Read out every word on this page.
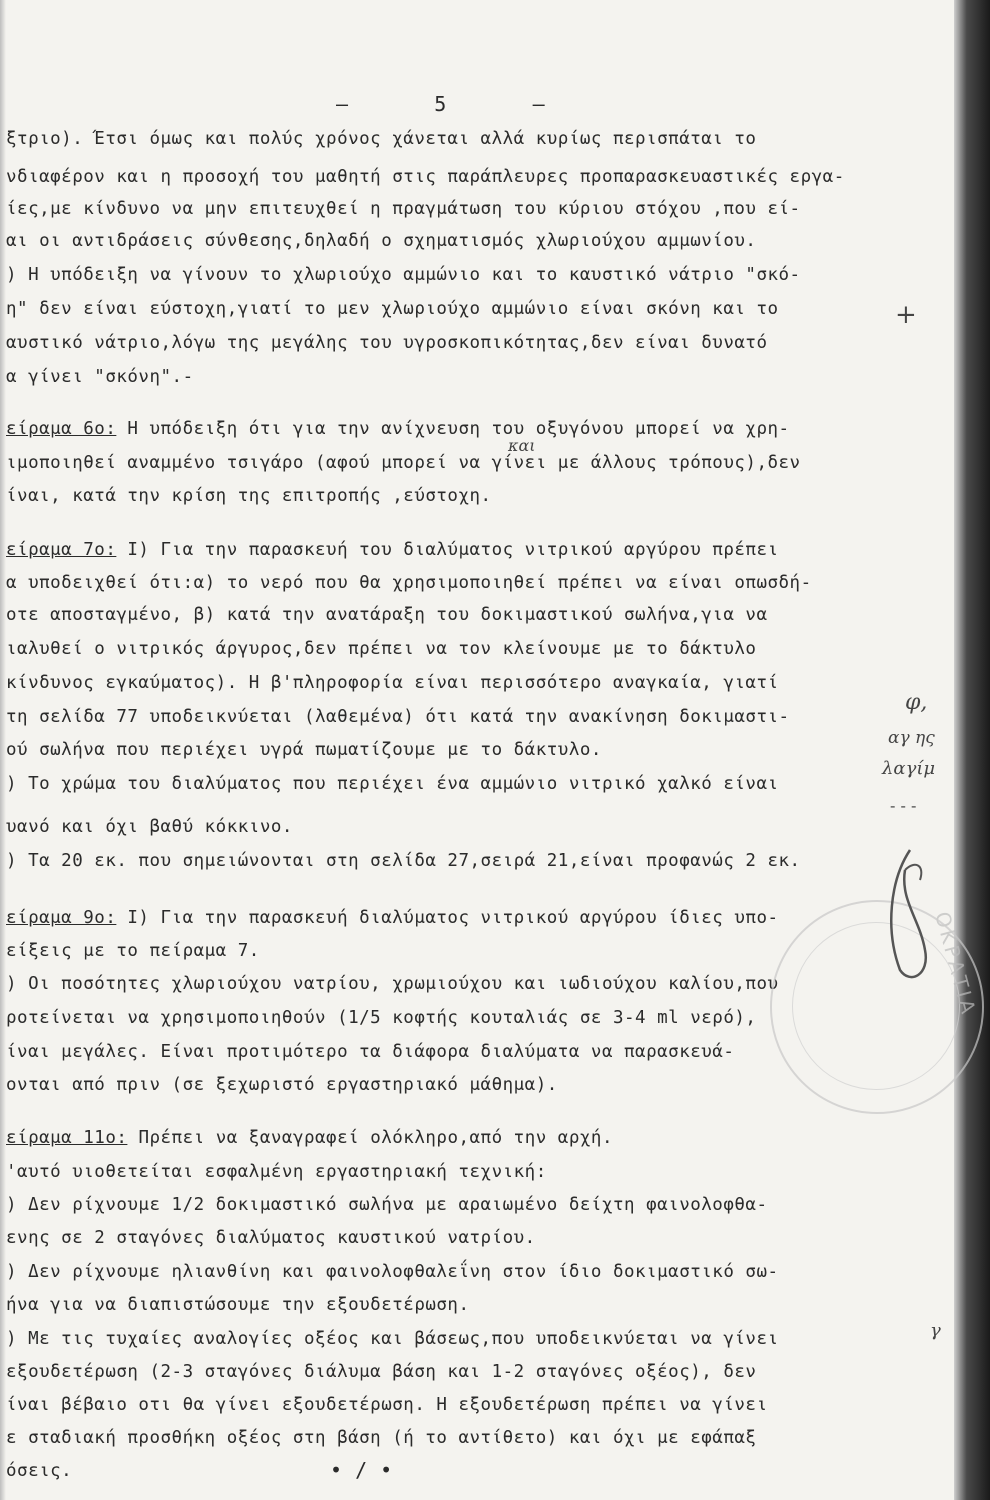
–      5      –
ξτριο). Έτσι όμως και πολύς χρόνος χάνεται αλλά κυρίως περισπάται το
νδιαφέρον και η προσοχή του μαθητή στις παράπλευρες προπαρασκευαστικές εργα-
ίες,με κίνδυνο να μην επιτευχθεί η πραγμάτωση του κύριου στόχου ,που εί-
αι οι αντιδράσεις σύνθεσης,δηλαδή ο σχηματισμός χλωριούχου αμμωνίου.
) Η υπόδειξη να γίνουν το χλωριούχο αμμώνιο και το καυστικό νάτριο "σκό-
η" δεν είναι εύστοχη,γιατί το μεν χλωριούχο αμμώνιο είναι σκόνη και το
αυστικό νάτριο,λόγω της μεγάλης του υγροσκοπικότητας,δεν είναι δυνατό
α γίνει "σκόνη".-
είραμα 6ο: Η υπόδειξη ότι για την ανίχνευση του οξυγόνου μπορεί να χρη-
ιμοποιηθεί αναμμένο τσιγάρο (αφού μπορεί να γίνει με άλλους τρόπους),δεν
ίναι, κατά την κρίση της επιτροπής ,εύστοχη.
είραμα 7ο: I) Για την παρασκευή του διαλύματος νιτρικού αργύρου πρέπει
α υποδειχθεί ότι:α) το νερό που θα χρησιμοποιηθεί πρέπει να είναι οπωσδή-
οτε αποσταγμένο, β) κατά την ανατάραξη του δοκιμαστικού σωλήνα,για να
ιαλυθεί ο νιτρικός άργυρος,δεν πρέπει να τον κλείνουμε με το δάκτυλο
κίνδυνος εγκαύματος). Η β'πληροφορία είναι περισσότερο αναγκαία, γιατί
τη σελίδα 77 υποδεικνύεται (λαθεμένα) ότι κατά την ανακίνηση δοκιμαστι-
ού σωλήνα που περιέχει υγρά πωματίζουμε με το δάκτυλο.
) Το χρώμα του διαλύματος που περιέχει ένα αμμώνιο νιτρικό χαλκό είναι
υανό και όχι βαθύ κόκκινο.
) Τα 20 εκ. που σημειώνονται στη σελίδα 27,σειρά 21,είναι προφανώς 2 εκ.
είραμα 9ο: I) Για την παρασκευή διαλύματος νιτρικού αργύρου ίδιες υπο-
είξεις με το πείραμα 7.
) Οι ποσότητες χλωριούχου νατρίου, χρωμιούχου και ιωδιούχου καλίου,που
ροτείνεται να χρησιμοποιηθούν (1/5 κοφτής κουταλιάς σε 3-4 ml νερό),
ίναι μεγάλες. Είναι προτιμότερο τα διάφορα διαλύματα να παρασκευά-
ονται από πριν (σε ξεχωριστό εργαστηριακό μάθημα).
είραμα 11ο: Πρέπει να ξαναγραφεί ολόκληρο,από την αρχή.
'αυτό υιοθετείται εσφαλμένη εργαστηριακή τεχνική:
) Δεν ρίχνουμε 1/2 δοκιμαστικό σωλήνα με αραιωμένο δείχτη φαινολοφθα-
ενης σε 2 σταγόνες διαλύματος καυστικού νατρίου.
) Δεν ρίχνουμε ηλιανθίνη και φαινολοφθαλεΐνη στον ίδιο δοκιμαστικό σω-
ήνα για να διαπιστώσουμε την εξουδετέρωση.
) Με τις τυχαίες αναλογίες οξέος και βάσεως,που υποδεικνύεται να γίνει
εξουδετέρωση (2-3 σταγόνες διάλυμα βάση και 1-2 σταγόνες οξέος), δεν
ίναι βέβαιο οτι θα γίνει εξουδετέρωση. Η εξουδετέρωση πρέπει να γίνει
ε σταδιακή προσθήκη οξέος στη βάση (ή το αντίθετο) και όχι με εφάπαξ
όσεις.
ΟΚΡΑΤΙΑ
+
φ,
αγ ης
λαγίμ
- - -
γ
και
• / •
